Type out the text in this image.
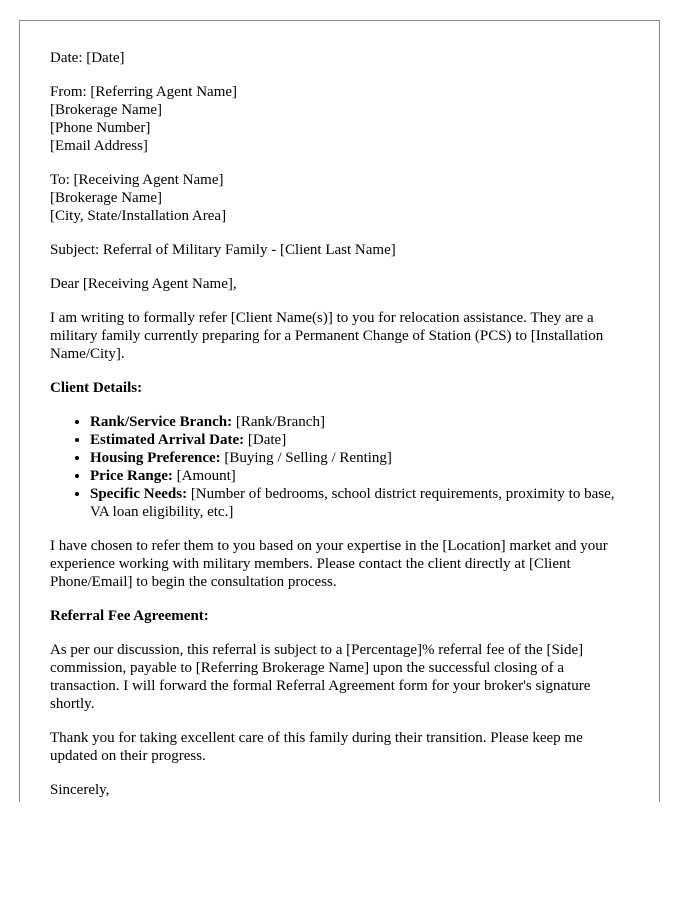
Date: [Date]

From: [Referring Agent Name]
[Brokerage Name]
[Phone Number]
[Email Address]

To: [Receiving Agent Name]
[Brokerage Name]
[City, State/Installation Area]

Subject: Referral of Military Family - [Client Last Name]

Dear [Receiving Agent Name],

I am writing to formally refer [Client Name(s)] to you for relocation assistance. They are a military family currently preparing for a Permanent Change of Station (PCS) to [Installation Name/City].

Client Details:

• Rank/Service Branch: [Rank/Branch]
• Estimated Arrival Date: [Date]
• Housing Preference: [Buying / Selling / Renting]
• Price Range: [Amount]
• Specific Needs: [Number of bedrooms, school district requirements, proximity to base, VA loan eligibility, etc.]

I have chosen to refer them to you based on your expertise in the [Location] market and your experience working with military members. Please contact the client directly at [Client Phone/Email] to begin the consultation process.

Referral Fee Agreement:

As per our discussion, this referral is subject to a [Percentage]% referral fee of the [Side] commission, payable to [Referring Brokerage Name] upon the successful closing of a transaction. I will forward the formal Referral Agreement form for your broker's signature shortly.

Thank you for taking excellent care of this family during their transition. Please keep me updated on their progress.

Sincerely,
